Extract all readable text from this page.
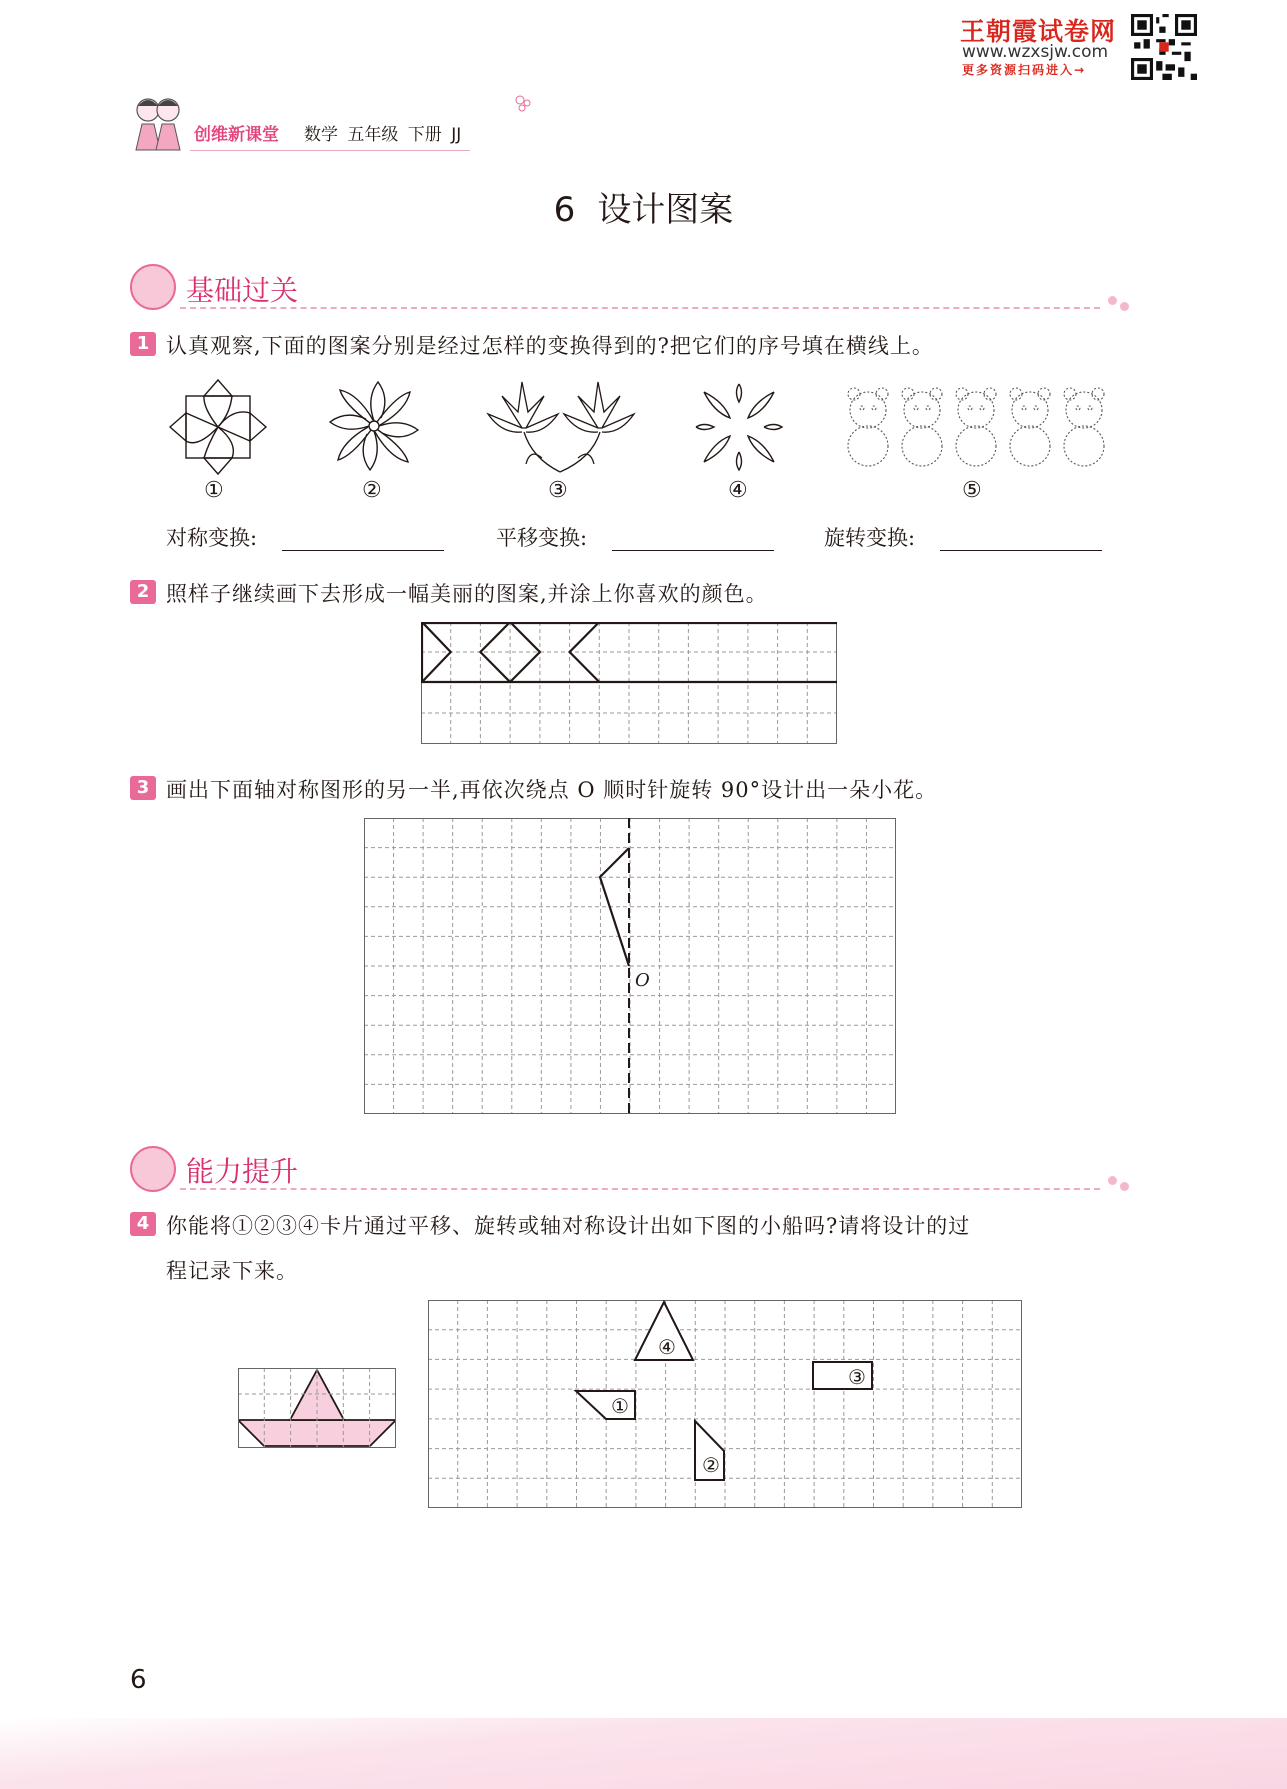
王朝霞试卷网
www.wzxsjw.com
更多资源扫码进入→
创维新课堂 数学 五年级 下册 JJ
6 设计图案
基础过关
1 认真观察,下面的图案分别是经过怎样的变换得到的?把它们的序号填在横线上。
①	②	③	④	⑤
对称变换:	平移变换:	旋转变换:
2 照样子继续画下去形成一幅美丽的图案,并涂上你喜欢的颜色。
3 画出下面轴对称图形的另一半,再依次绕点 O 顺时针旋转 90°设计出一朵小花。
O
能力提升
4 你能将①②③④卡片通过平移、旋转或轴对称设计出如下图的小船吗?请将设计的过
程记录下来。
④
③
①
②
6
